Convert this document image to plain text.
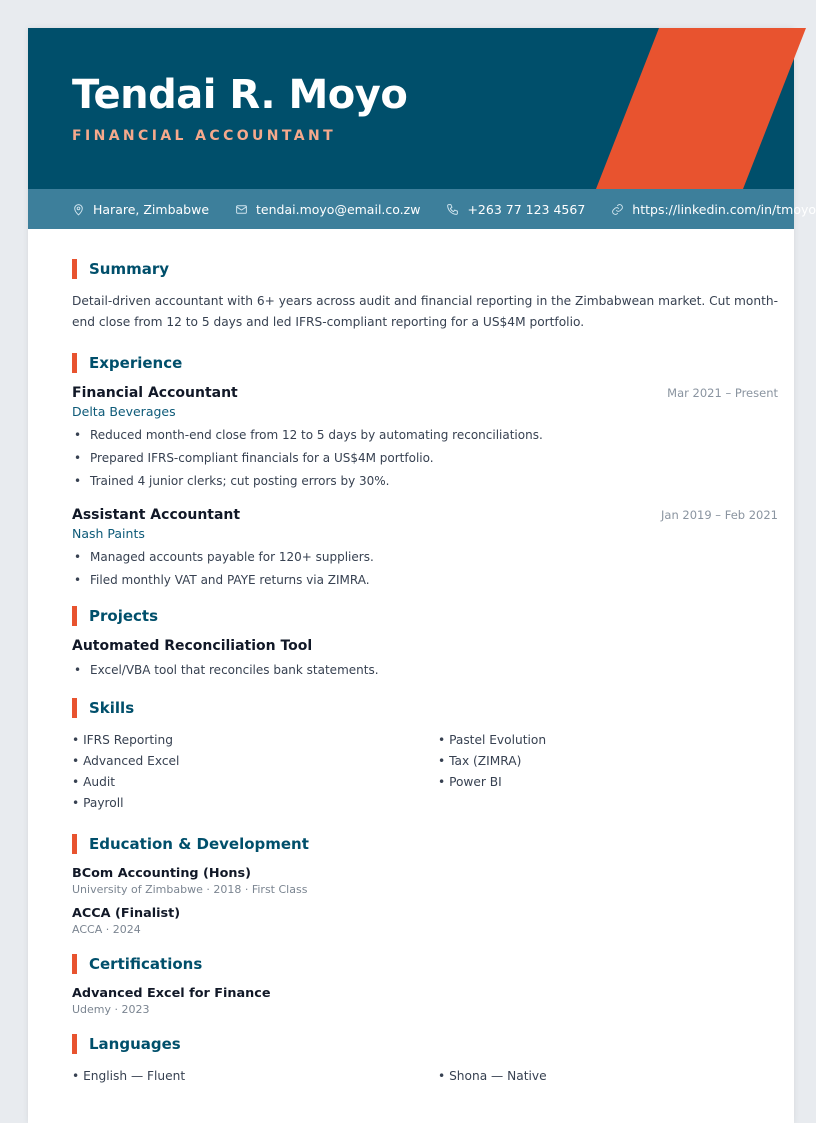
Tendai R. Moyo
FINANCIAL ACCOUNTANT
Harare, Zimbabwe	tendai.moyo@email.co.zw	+263 77 123 4567	https://linkedin.com/in/tmoyo
Summary

Detail-driven accountant with 6+ years across audit and financial reporting in the Zimbabwean market. Cut month-end close from 12 to 5 days and led IFRS-compliant reporting for a US$4M portfolio.

Experience
Financial Accountant	Mar 2021 – Present
Delta Beverages
• Reduced month-end close from 12 to 5 days by automating reconciliations.
• Prepared IFRS-compliant financials for a US$4M portfolio.
• Trained 4 junior clerks; cut posting errors by 30%.
Assistant Accountant	Jan 2019 – Feb 2021
Nash Paints
• Managed accounts payable for 120+ suppliers.
• Filed monthly VAT and PAYE returns via ZIMRA.
Projects
Automated Reconciliation Tool
• Excel/VBA tool that reconciles bank statements.
Skills
• IFRS Reporting	• Pastel Evolution
• Advanced Excel	• Tax (ZIMRA)
• Audit	• Power BI
• Payroll
Education & Development
BCom Accounting (Hons)
University of Zimbabwe · 2018 · First Class
ACCA (Finalist)
ACCA · 2024
Certifications
Advanced Excel for Finance
Udemy · 2023
Languages
• English — Fluent	• Shona — Native
